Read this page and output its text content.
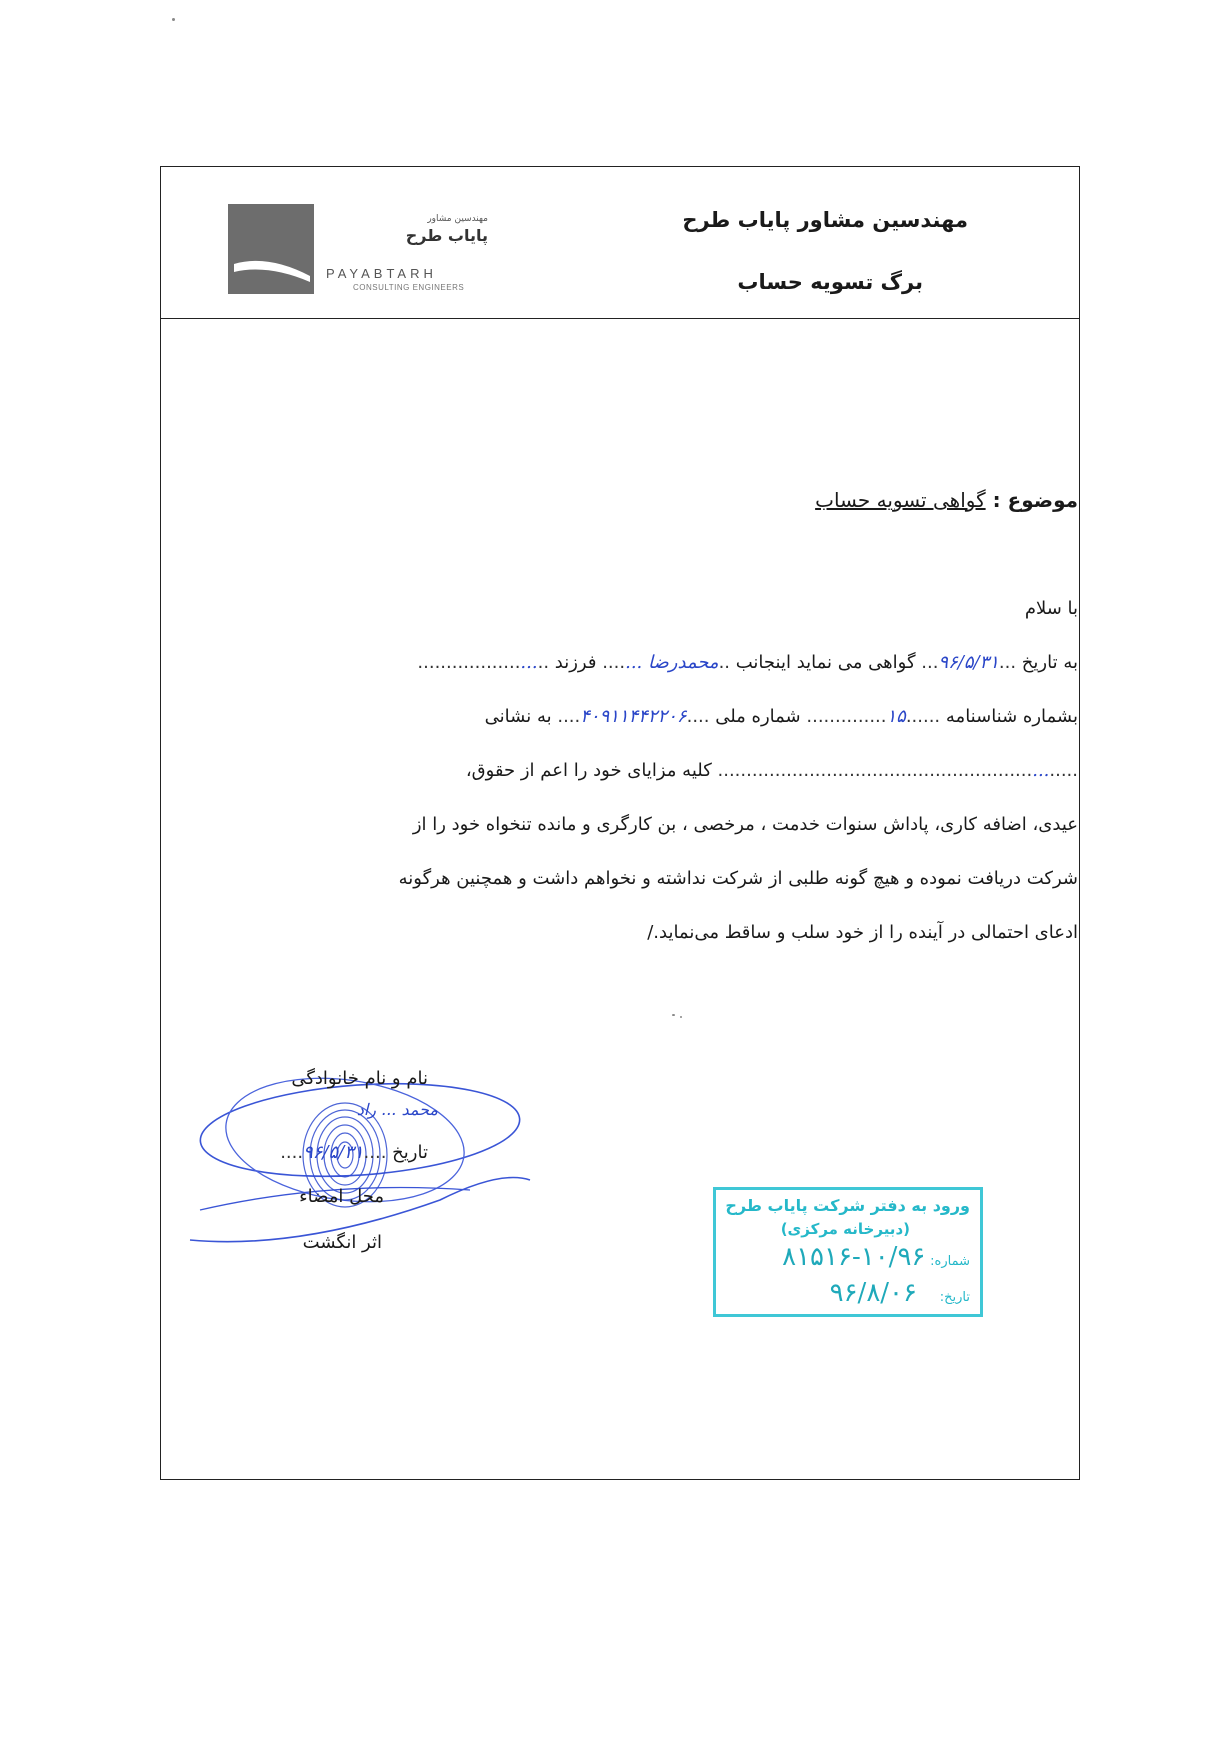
مهندسین مشاور
پایاب طرح
PAYABTARH
CONSULTING ENGINEERS
مهندسین مشاور پایاب طرح
برگ تسویه حساب
موضوع : گواهی تسویه حساب

با سلام

به تاریخ ...۹۶/۵/۳۱... گواهی می نماید اینجانب ..محمدرضا ....... فرزند .......................

بشماره شناسنامه ......۱۵.............. شماره ملی ....۴۰۹۱۱۴۴۲۲۰۶.... به نشانی

............................................................... کلیه مزایای خود را اعم از حقوق،

عیدی، اضافه کاری، پاداش سنوات خدمت ، مرخصی ، بن کارگری و مانده تنخواه خود را از

شرکت دریافت نموده و هیچ گونه طلبی از شرکت نداشته و نخواهم داشت و همچنین هرگونه

ادعای احتمالی در آینده را از خود سلب و ساقط می‌نماید./

نام و نام خانوادگی
محمد ... راد
تاریخ ....۹۶/۵/۳۱....
محل امضاء
اثر انگشت
ورود به دفتر شرکت پایاب طرح
(دبیرخانه مرکزی)
شماره: ۱۰/۹۶-۸۱۵۱۶
تاریخ: ۹۶/۸/۰۶
